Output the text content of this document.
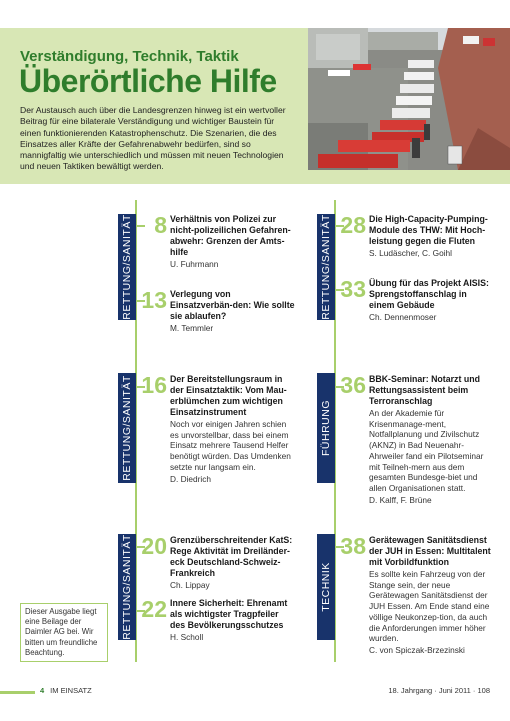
Verständigung, Technik, Taktik
Überörtliche Hilfe
Der Austausch auch über die Landesgrenzen hinweg ist ein wertvoller Beitrag für eine bilaterale Verständigung und wichtiger Baustein für einen funktionierenden Katastrophenschutz. Die Szenarien, die des Einsatzes aller Kräfte der Gefahrenabwehr bedürfen, sind so mannigfaltig wie unterschiedlich und müssen mit neuen Technologien und neuen Taktiken bewältigt werden.
RETTUNG/SANITÄT
RETTUNG/SANITÄT
RETTUNG/SANITÄT
RETTUNG/SANITÄT
FÜHRUNG
TECHNIK
8 Verhältnis von Polizei zur nicht-polizeilichen Gefahren-abwehr: Grenzen der Amts-hilfe
U. Fuhrmann
13 Verlegung von Einsatzverbän-den: Wie sollte sie ablaufen?
M. Temmler
16 Der Bereitstellungsraum in der Einsatztaktik: Vom Mau-erblümchen zum wichtigen Einsatzinstrument
Noch vor einigen Jahren schien es unvorstellbar, dass bei einem Einsatz mehrere Tausend Helfer benötigt würden. Das Umdenken setzte nur langsam ein.
D. Diedrich
20 Grenzüberschreitender KatS: Rege Aktivität im Dreiländer-eck Deutschland-Schweiz-Frankreich
Ch. Lippay
22 Innere Sicherheit: Ehrenamt als wichtigster Tragpfeiler des Bevölkerungsschutzes
H. Scholl
28 Die High-Capacity-Pumping-Module des THW: Mit Hoch-leistung gegen die Fluten
S. Ludäscher, C. Goihl
33 Übung für das Projekt AISIS: Sprengstoffanschlag in einem Gebäude
Ch. Dennenmoser
36 BBK-Seminar: Notarzt und Rettungsassistent beim Terroranschlag
An der Akademie für Krisenmanage-ment, Notfallplanung und Zivilschutz (AKNZ) in Bad Neuenahr-Ahrweiler fand ein Pilotseminar mit Teilneh-mern aus dem gesamten Bundesge-biet und allen Organisationen statt.
D. Kalff, F. Brüne
38 Gerätewagen Sanitätsdienst der JUH in Essen: Multitalent mit Vorbildfunktion
Es sollte kein Fahrzeug von der Stange sein, der neue Gerätewagen Sanitätsdienst der JUH Essen. Am Ende stand eine völlige Neukonzep-tion, da auch die Anforderungen immer höher wurden.
C. von Spiczak-Brzezinski
Dieser Ausgabe liegt eine Beilage der Daimler AG bei. Wir bitten um freundliche Beachtung.
4 IM EINSATZ	18. Jahrgang · Juni 2011 · 108
